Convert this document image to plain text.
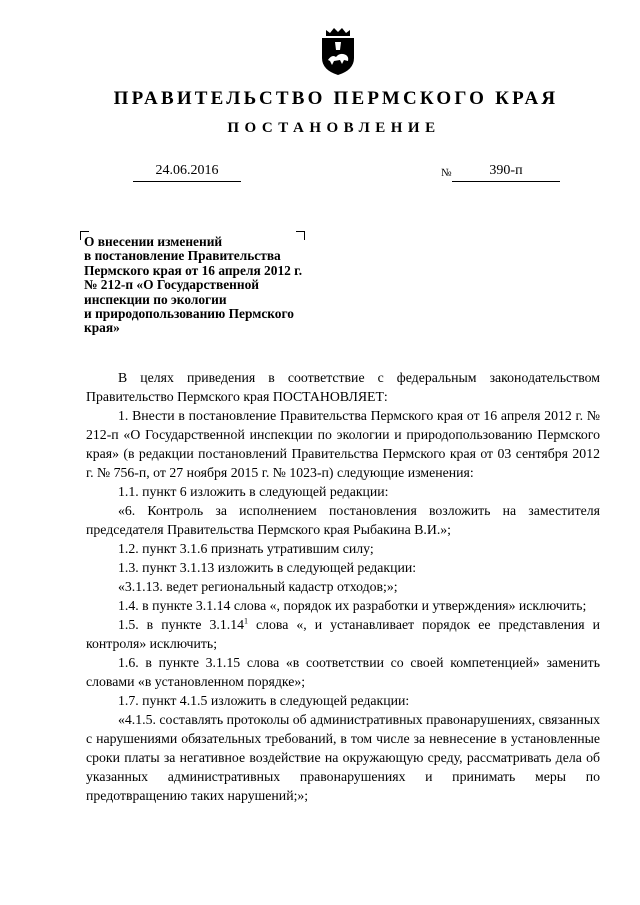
ПРАВИТЕЛЬСТВО ПЕРМСКОГО КРАЯ
ПОСТАНОВЛЕНИЕ
24.06.2016	№	390-п
О внесении изменений
в постановление Правительства
Пермского края от 16 апреля 2012 г.
№ 212-п «О Государственной
инспекции по экологии
и природопользованию Пермского
края»

В целях приведения в соответствие с федеральным законодательством Правительство Пермского края ПОСТАНОВЛЯЕТ:

1. Внести в постановление Правительства Пермского края от 16 апреля 2012 г. № 212-п «О Государственной инспекции по экологии и природопользованию Пермского края» (в редакции постановлений Правительства Пермского края от 03 сентября 2012 г. № 756-п, от 27 ноября 2015 г. № 1023-п) следующие изменения:

1.1. пункт 6 изложить в следующей редакции:

«6. Контроль за исполнением постановления возложить на заместителя председателя Правительства Пермского края Рыбакина В.И.»;

1.2. пункт 3.1.6 признать утратившим силу;

1.3. пункт 3.1.13 изложить в следующей редакции:

«3.1.13. ведет региональный кадастр отходов;»;

1.4. в пункте 3.1.14 слова «, порядок их разработки и утверждения» исключить;

1.5. в пункте 3.1.14$^1$ слова «, и устанавливает порядок ее представления и контроля» исключить;

1.6. в пункте 3.1.15 слова «в соответствии со своей компетенцией» заменить словами «в установленном порядке»;

1.7. пункт 4.1.5 изложить в следующей редакции:

«4.1.5. составлять протоколы об административных правонарушениях, связанных с нарушениями обязательных требований, в том числе за невнесение в установленные сроки платы за негативное воздействие на окружающую среду, рассматривать дела об указанных административных правонарушениях и принимать меры по предотвращению таких нарушений;»;
